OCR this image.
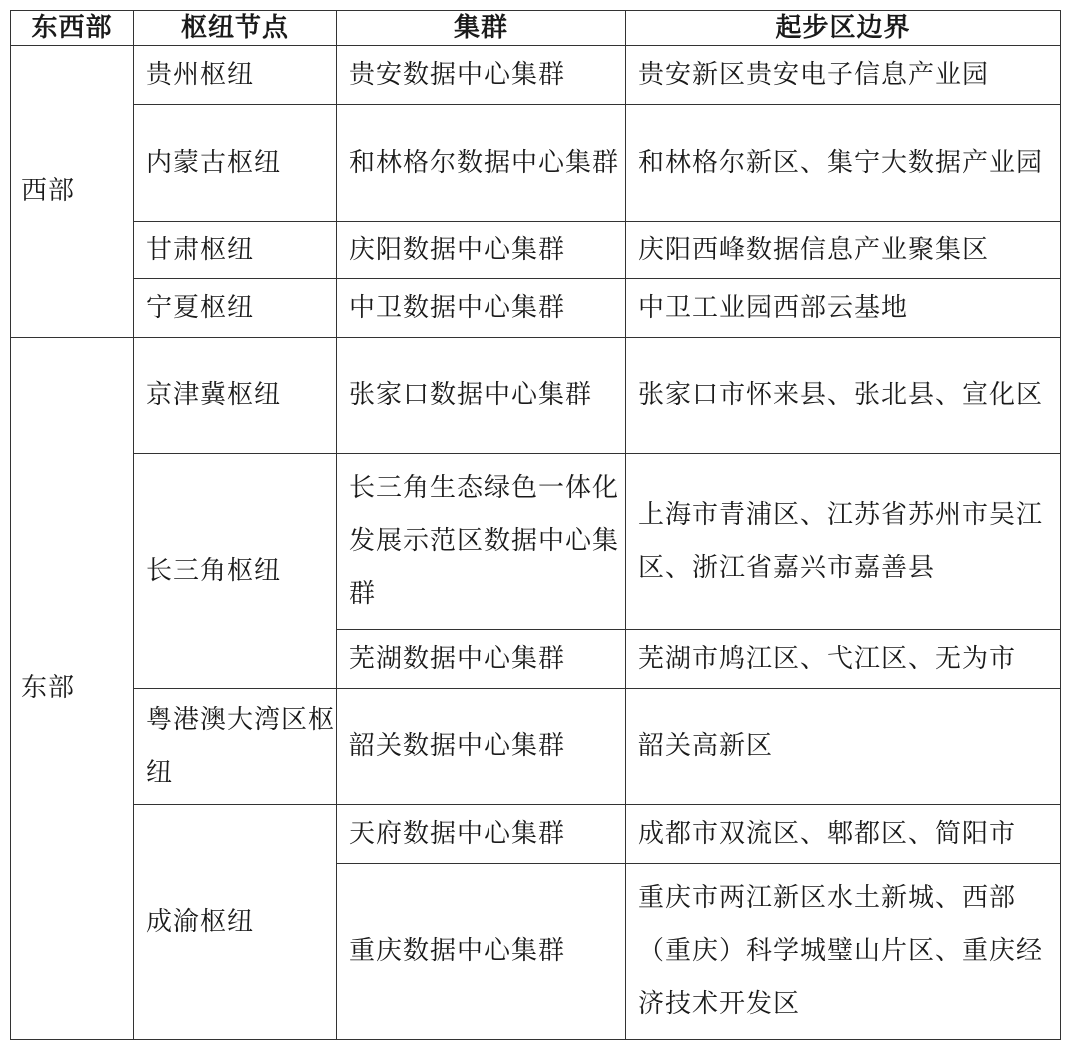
东西部	枢纽节点	集群	起步区边界
西部	贵州枢纽	贵安数据中心集群	贵安新区贵安电子信息产业园
	内蒙古枢纽	和林格尔数据中心集群	和林格尔新区、集宁大数据产业园
	甘肃枢纽	庆阳数据中心集群	庆阳西峰数据信息产业聚集区
	宁夏枢纽	中卫数据中心集群	中卫工业园西部云基地
东部	京津冀枢纽	张家口数据中心集群	张家口市怀来县、张北县、宣化区
	长三角枢纽	长三角生态绿色一体化发展示范区数据中心集群	上海市青浦区、江苏省苏州市吴江区、浙江省嘉兴市嘉善县
		芜湖数据中心集群	芜湖市鸠江区、弋江区、无为市
	粤港澳大湾区枢纽	韶关数据中心集群	韶关高新区
	成渝枢纽	天府数据中心集群	成都市双流区、郫都区、简阳市
		重庆数据中心集群	重庆市两江新区水土新城、西部（重庆）科学城璧山片区、重庆经济技术开发区
